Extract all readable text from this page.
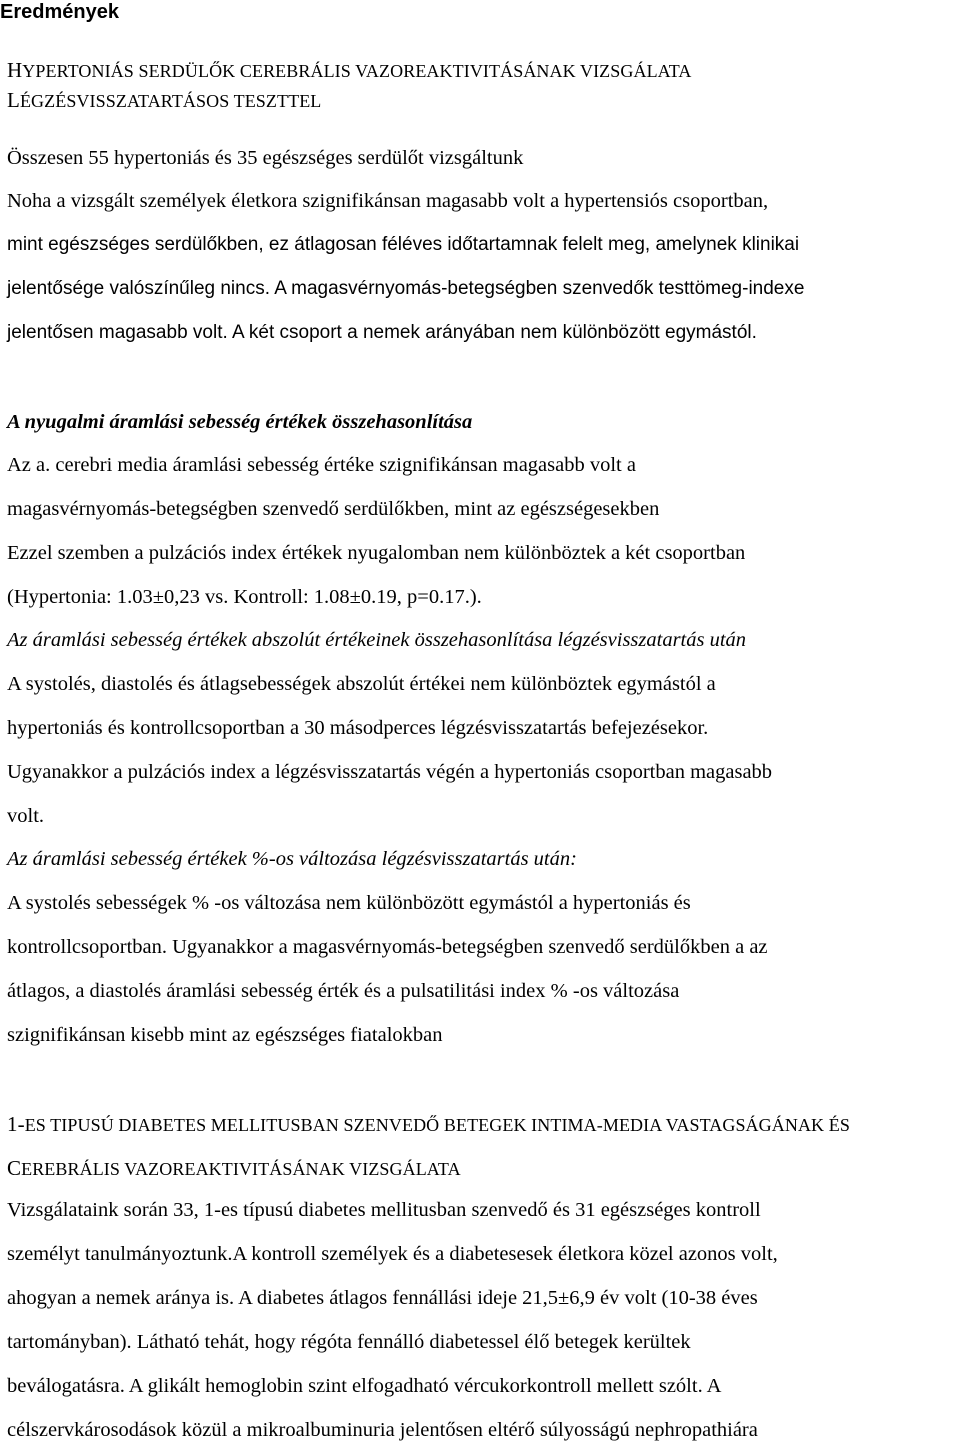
Eredmények
HYPERTONIÁS SERDÜLŐK CEREBRÁLIS VAZOREAKTIVITÁSÁNAK VIZSGÁLATA
LÉGZÉSVISSZATARTÁSOS TESZTTEL

Összesen 55 hypertoniás és 35 egészséges serdülőt vizsgáltunk

Noha a vizsgált személyek életkora szignifikánsan magasabb volt a hypertensiós csoportban,

mint egészséges serdülőkben, ez átlagosan féléves időtartamnak felelt meg, amelynek klinikai

jelentősége valószínűleg nincs. A magasvérnyomás-betegségben szenvedők testtömeg-indexe

jelentősen magasabb volt. A két csoport a nemek arányában nem különbözött egymástól.

A nyugalmi áramlási sebesség értékek összehasonlítása

Az a. cerebri media áramlási sebesség értéke szignifikánsan magasabb volt a

magasvérnyomás-betegségben szenvedő serdülőkben, mint az egészségesekben

Ezzel szemben a pulzációs index értékek nyugalomban nem különböztek a két csoportban

(Hypertonia: 1.03±0,23 vs. Kontroll: 1.08±0.19, p=0.17.).

Az áramlási sebesség értékek abszolút értékeinek összehasonlítása légzésvisszatartás után

A systolés, diastolés és átlagsebességek abszolút értékei nem különböztek egymástól a

hypertoniás és kontrollcsoportban a 30 másodperces légzésvisszatartás befejezésekor.

Ugyanakkor a pulzációs index a légzésvisszatartás végén a hypertoniás csoportban magasabb

volt.

Az áramlási sebesség értékek %-os változása légzésvisszatartás után:

A systolés sebességek % -os változása nem különbözött egymástól a hypertoniás és

kontrollcsoportban. Ugyanakkor a magasvérnyomás-betegségben szenvedő serdülőkben a az

átlagos, a diastolés áramlási sebesség érték és a pulsatilitási index % -os változása

szignifikánsan kisebb mint az egészséges fiatalokban

1-ES TIPUSÚ DIABETES MELLITUSBAN SZENVEDŐ BETEGEK INTIMA-MEDIA VASTAGSÁGÁNAK ÉS
CEREBRÁLIS VAZOREAKTIVITÁSÁNAK VIZSGÁLATA

Vizsgálataink során 33, 1-es típusú diabetes mellitusban szenvedő és 31 egészséges kontroll

személyt tanulmányoztunk.A kontroll személyek és a diabetesesek életkora közel azonos volt,

ahogyan a nemek aránya is. A diabetes átlagos fennállási ideje 21,5±6,9 év volt (10-38 éves

tartományban). Látható tehát, hogy régóta fennálló diabetessel élő betegek kerültek

beválogatásra. A glikált hemoglobin szint elfogadható vércukorkontroll mellett szólt. A

célszervkárosodások közül a mikroalbuminuria jelentősen eltérő súlyosságú nephropathiára
